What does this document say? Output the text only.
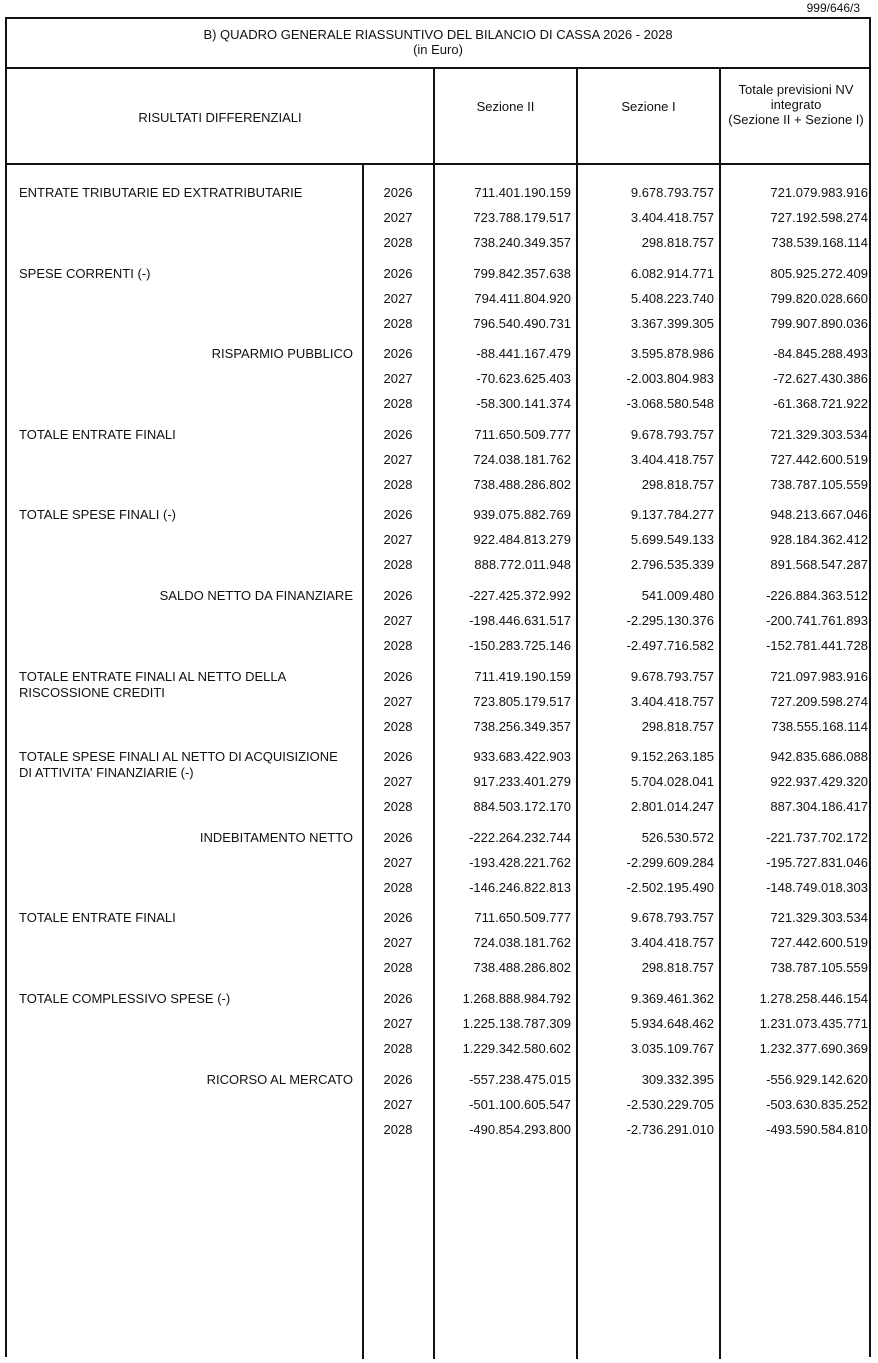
999/646/3
B) QUADRO GENERALE RIASSUNTIVO DEL BILANCIO DI CASSA 2026 - 2028
(in Euro)
RISULTATI DIFFERENZIALI
Sezione II	Sezione I
Totale previsioni NV
integrato
(Sezione II + Sezione I)
ENTRATE TRIBUTARIE ED EXTRATRIBUTARIE	2026	711.401.190.159	9.678.793.757	721.079.983.916
2027	723.788.179.517	3.404.418.757	727.192.598.274
2028	738.240.349.357	298.818.757	738.539.168.114
SPESE CORRENTI (-)	2026	799.842.357.638	6.082.914.771	805.925.272.409
2027	794.411.804.920	5.408.223.740	799.820.028.660
2028	796.540.490.731	3.367.399.305	799.907.890.036
RISPARMIO PUBBLICO	2026	-88.441.167.479	3.595.878.986	-84.845.288.493
2027	-70.623.625.403	-2.003.804.983	-72.627.430.386
2028	-58.300.141.374	-3.068.580.548	-61.368.721.922
TOTALE ENTRATE FINALI	2026	711.650.509.777	9.678.793.757	721.329.303.534
2027	724.038.181.762	3.404.418.757	727.442.600.519
2028	738.488.286.802	298.818.757	738.787.105.559
TOTALE SPESE FINALI (-)	2026	939.075.882.769	9.137.784.277	948.213.667.046
2027	922.484.813.279	5.699.549.133	928.184.362.412
2028	888.772.011.948	2.796.535.339	891.568.547.287
SALDO NETTO DA FINANZIARE	2026	-227.425.372.992	541.009.480	-226.884.363.512
2027	-198.446.631.517	-2.295.130.376	-200.741.761.893
2028	-150.283.725.146	-2.497.716.582	-152.781.441.728
TOTALE ENTRATE FINALI AL NETTO DELLA
RISCOSSIONE CREDITI
2026	711.419.190.159	9.678.793.757	721.097.983.916
2027	723.805.179.517	3.404.418.757	727.209.598.274
2028	738.256.349.357	298.818.757	738.555.168.114
TOTALE SPESE FINALI AL NETTO DI ACQUISIZIONE
DI ATTIVITA' FINANZIARIE (-)
2026	933.683.422.903	9.152.263.185	942.835.686.088
2027	917.233.401.279	5.704.028.041	922.937.429.320
2028	884.503.172.170	2.801.014.247	887.304.186.417
INDEBITAMENTO NETTO	2026	-222.264.232.744	526.530.572	-221.737.702.172
2027	-193.428.221.762	-2.299.609.284	-195.727.831.046
2028	-146.246.822.813	-2.502.195.490	-148.749.018.303
TOTALE ENTRATE FINALI	2026	711.650.509.777	9.678.793.757	721.329.303.534
2027	724.038.181.762	3.404.418.757	727.442.600.519
2028	738.488.286.802	298.818.757	738.787.105.559
TOTALE COMPLESSIVO SPESE (-)	2026	1.268.888.984.792	9.369.461.362	1.278.258.446.154
2027	1.225.138.787.309	5.934.648.462	1.231.073.435.771
2028	1.229.342.580.602	3.035.109.767	1.232.377.690.369
RICORSO AL MERCATO	2026	-557.238.475.015	309.332.395	-556.929.142.620
2027	-501.100.605.547	-2.530.229.705	-503.630.835.252
2028	-490.854.293.800	-2.736.291.010	-493.590.584.810
